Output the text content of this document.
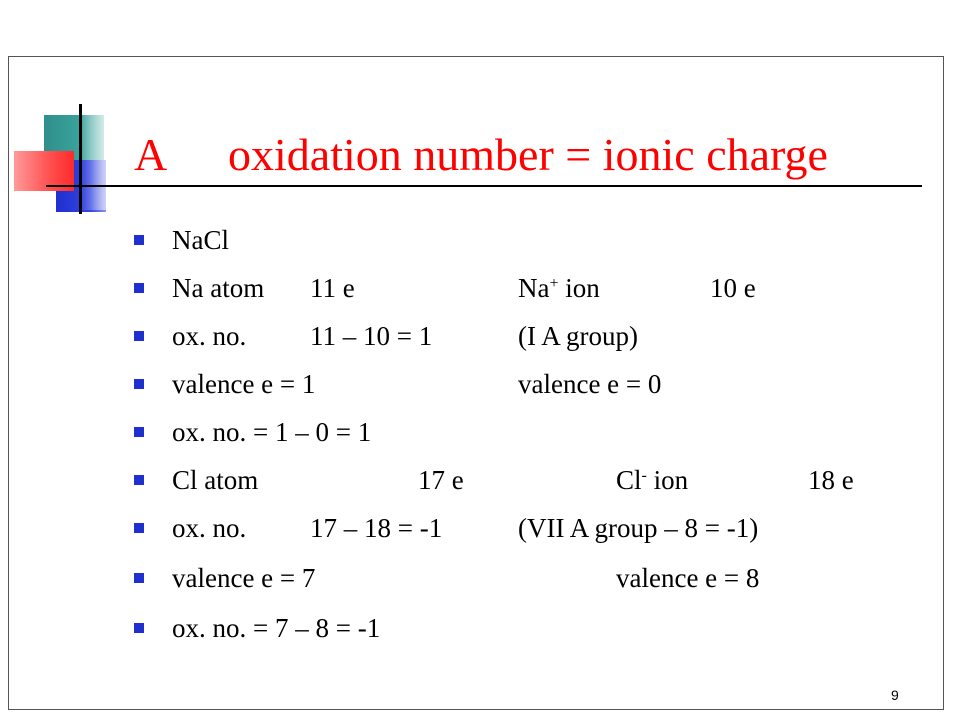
A oxidation number = ionic charge
NaCl
Na atom 11 e	Na+ ion	10 e
ox. no. 11 – 10 = 1	(I A group)
valence e = 1	valence e = 0
ox. no. = 1 – 0 = 1
Cl atom	17 e	Cl- ion	18 e
ox. no. 17 – 18 = -1	(VII A group – 8 = -1)
valence e = 7	valence e = 8
ox. no. = 7 – 8 = -1
9
